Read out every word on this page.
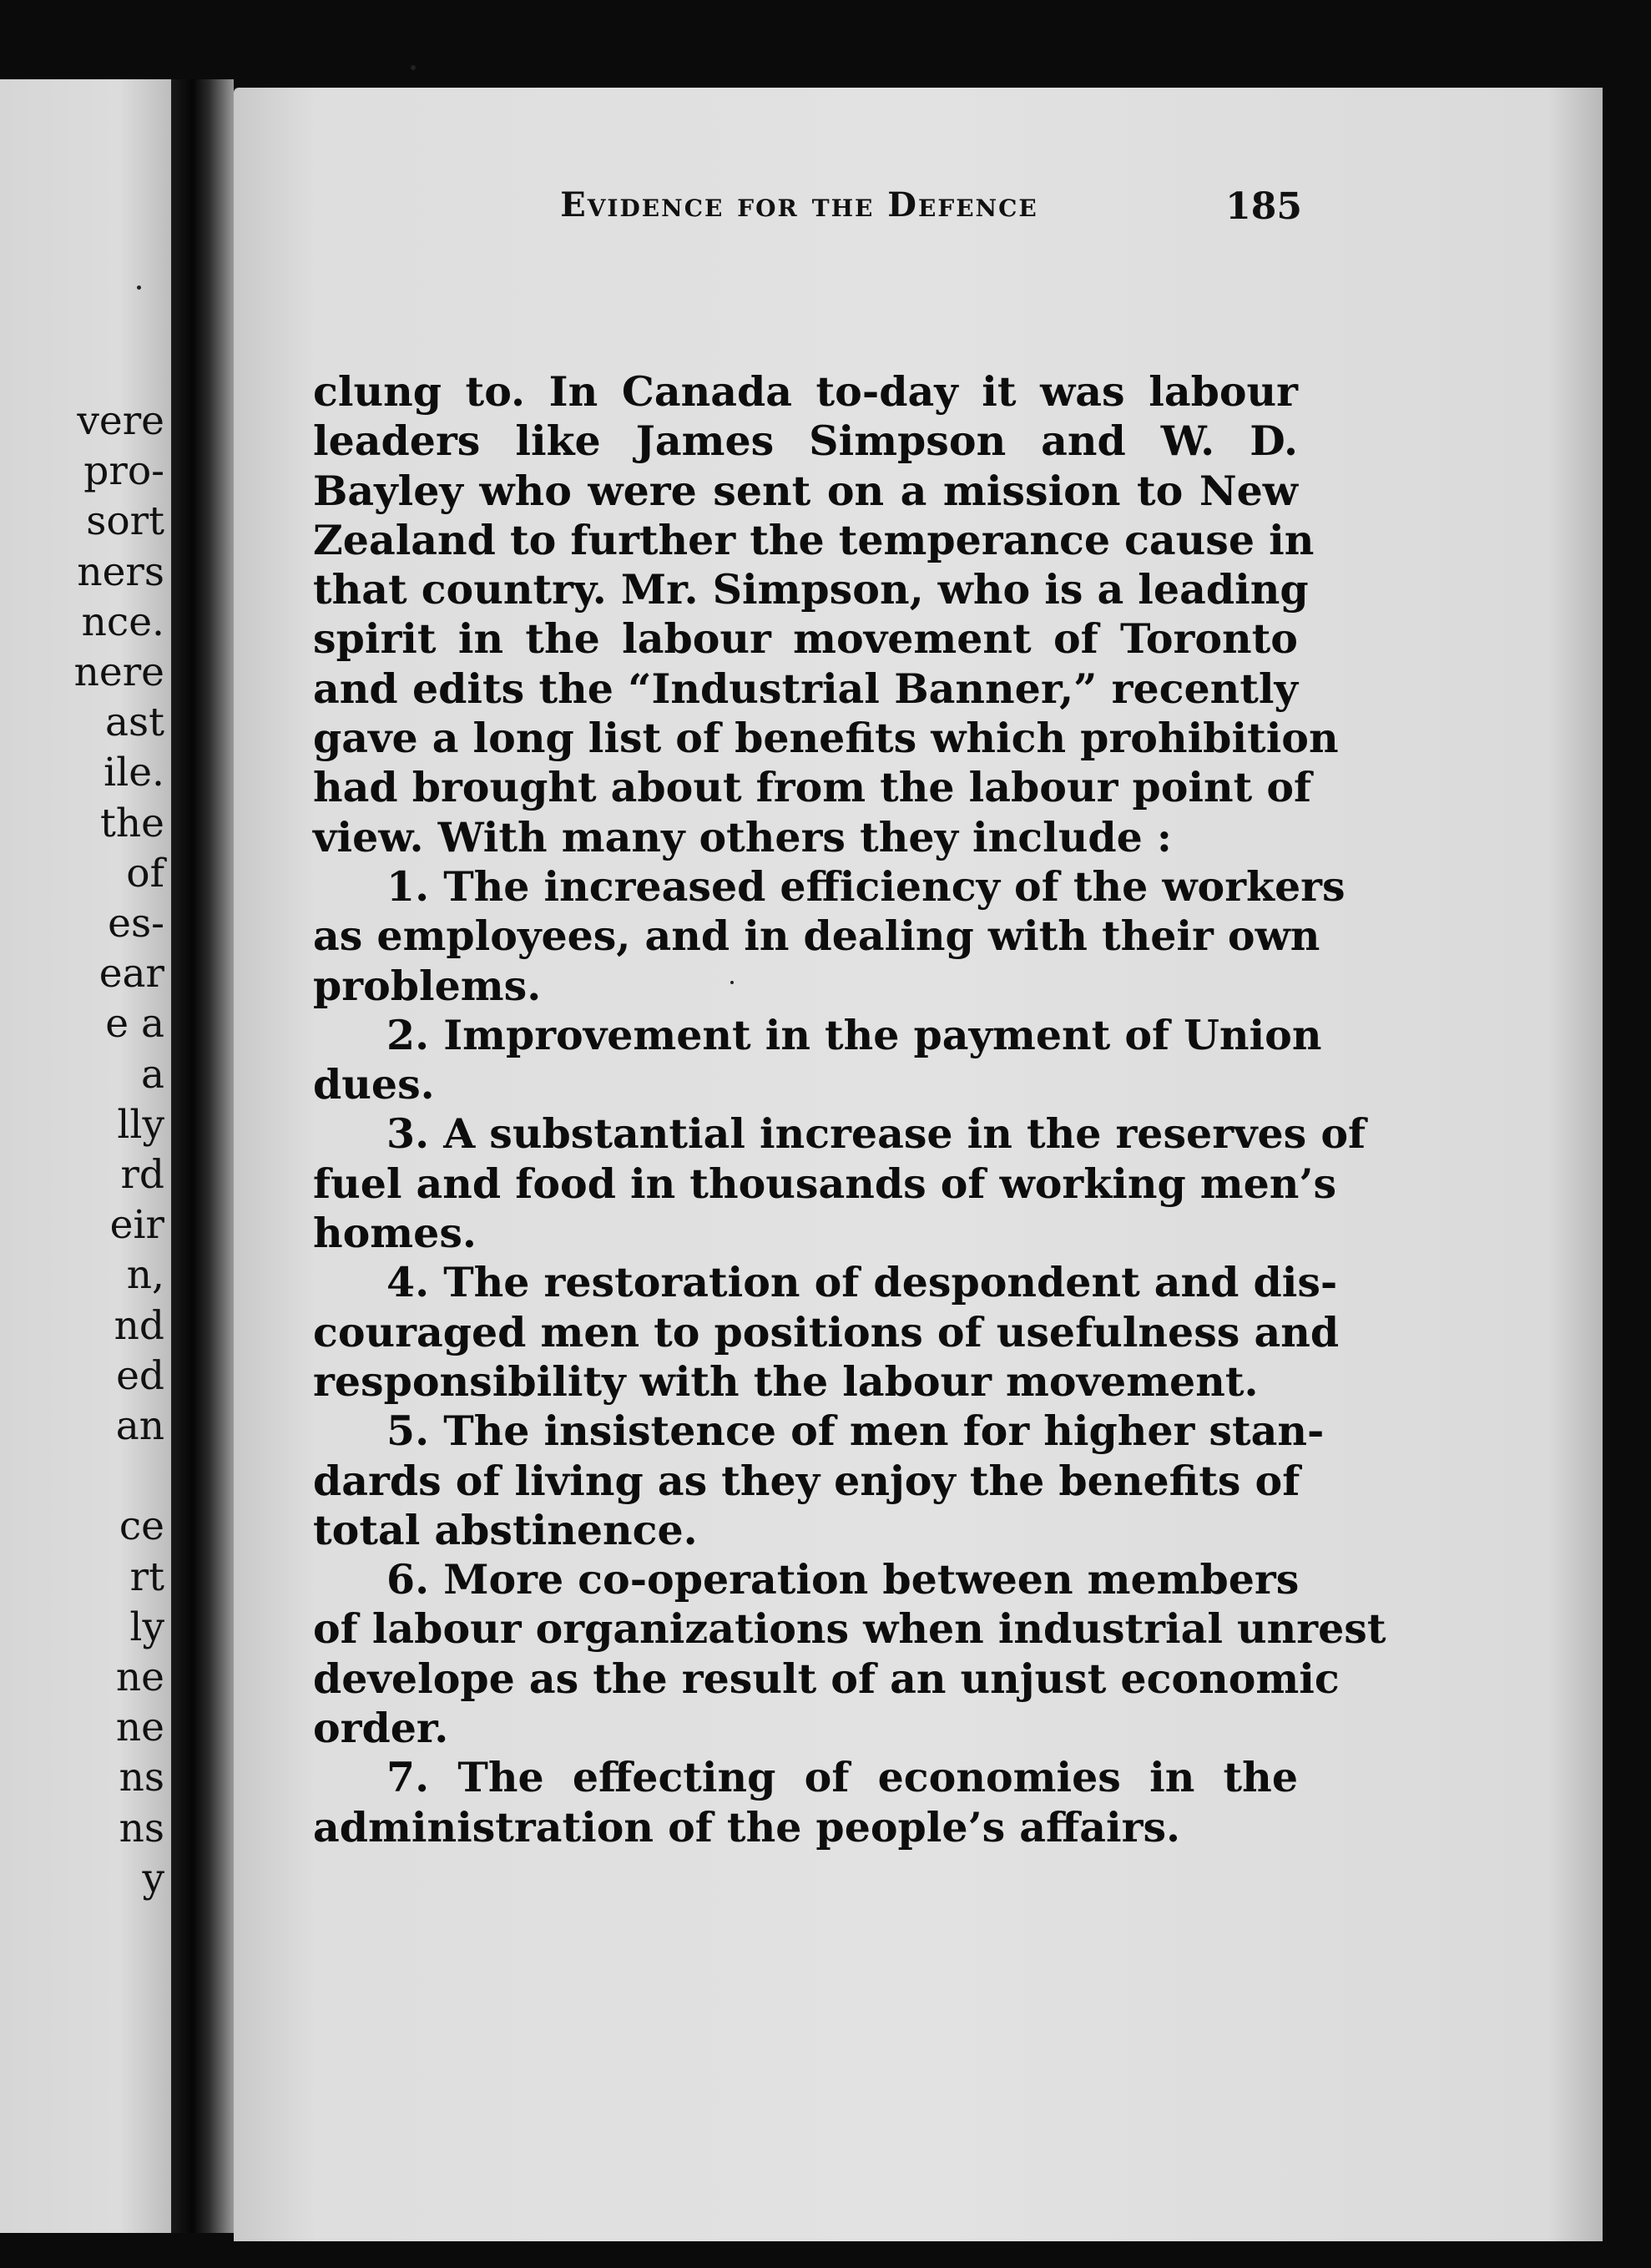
vere
pro-
sort
ners
nce.
nere
ast
ile.
the
of
es-
ear
e a
a
lly
rd
eir
n,
nd
ed
an
ce
rt
ly
ne
ne
ns
ns
y
Evidence for the Defence	185
clung to. In Canada to-day it was labour
leaders like James Simpson and W. D.
Bayley who were sent on a mission to New
Zealand to further the temperance cause in
that country. Mr. Simpson, who is a leading
spirit in the labour movement of Toronto
and edits the “Industrial Banner,” recently
gave a long list of benefits which prohibition
had brought about from the labour point of
view. With many others they include :
1. The increased efficiency of the workers
as employees, and in dealing with their own
problems.
2. Improvement in the payment of Union
dues.
3. A substantial increase in the reserves of
fuel and food in thousands of working men’s
homes.
4. The restoration of despondent and dis-
couraged men to positions of usefulness and
responsibility with the labour movement.
5. The insistence of men for higher stan-
dards of living as they enjoy the benefits of
total abstinence.
6. More co-operation between members
of labour organizations when industrial unrest
develope as the result of an unjust economic
order.
7. The effecting of economies in the
administration of the people’s affairs.
